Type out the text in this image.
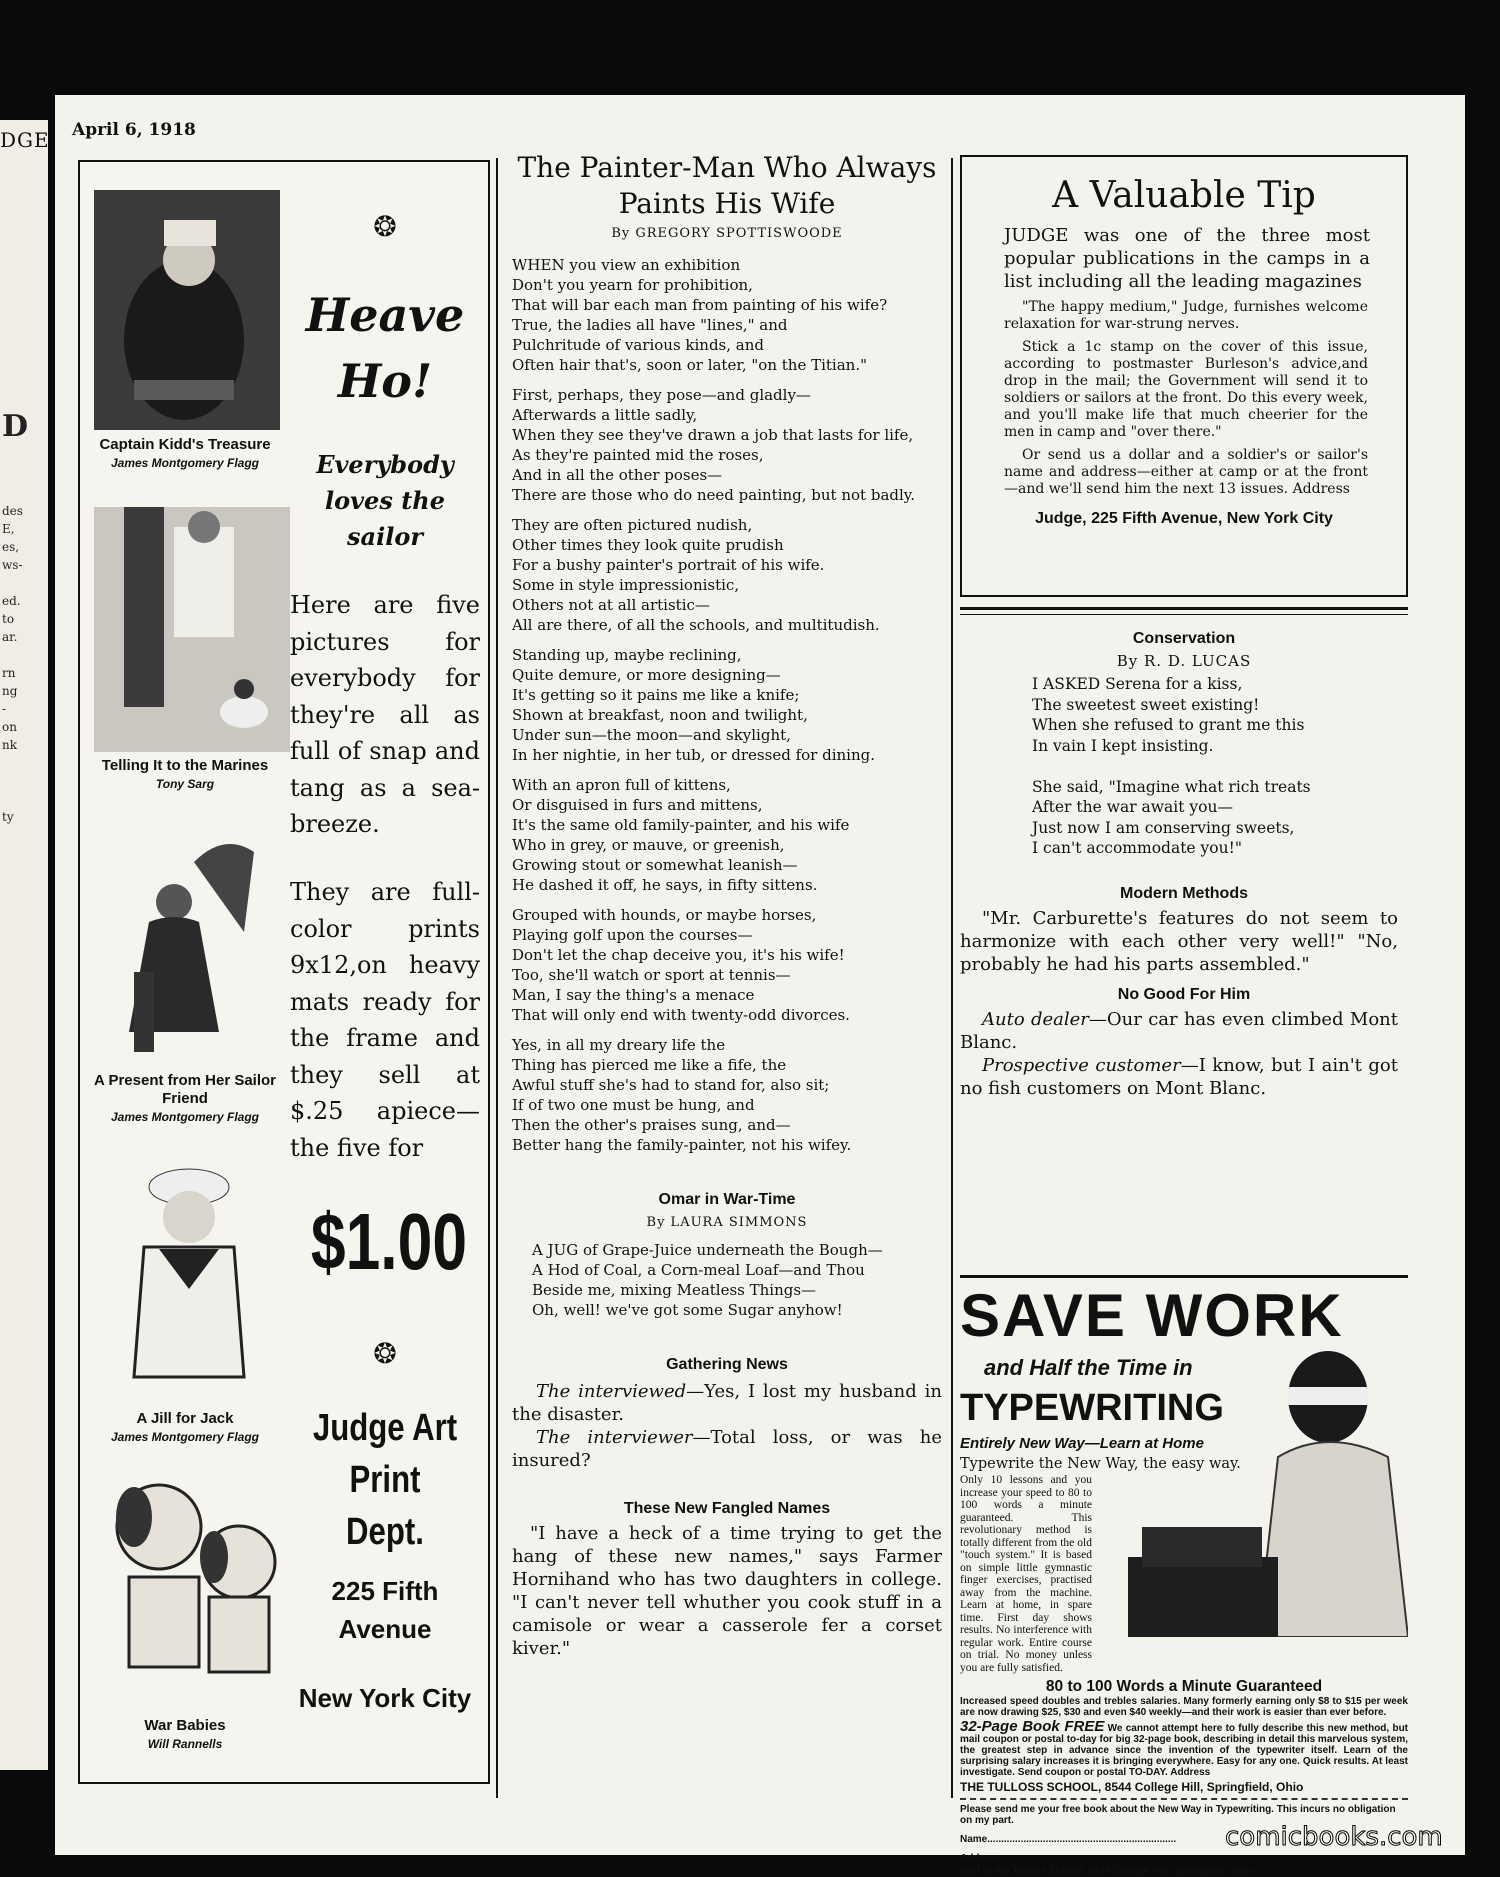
D
des
E,
es,
ws-
ed.
to
ar.
rn
ng
-
on
nk
ty
DGE April 6, 1918
Captain Kidd's Treasure
James Montgomery Flagg
Telling It to the Marines
Tony Sarg
A Present from Her Sailor Friend
James Montgomery Flagg
A Jill for Jack
James Montgomery Flagg
War Babies
Will Rannells
❂
Heave Ho!
Everybody loves the sailor
Here are five pictures for everybody for they're all as full of snap and tang as a sea-breeze.
They are full-color prints 9x12,on heavy mats ready for the frame and they sell at $.25 apiece—the five for
$1.00
❂
Judge Art Print Dept.
225 Fifth Avenue
New York City
The Painter-Man Who Always Paints His Wife
By GREGORY SPOTTISWOODE
WHEN you view an exhibition
Don't you yearn for prohibition,
That will bar each man from painting of his wife?
True, the ladies all have "lines," and
Pulchritude of various kinds, and
Often hair that's, soon or later, "on the Titian."
First, perhaps, they pose—and gladly—
Afterwards a little sadly,
When they see they've drawn a job that lasts for life,
As they're painted mid the roses,
And in all the other poses—
There are those who do need painting, but not badly.
They are often pictured nudish,
Other times they look quite prudish
For a bushy painter's portrait of his wife.
Some in style impressionistic,
Others not at all artistic—
All are there, of all the schools, and multitudish.
Standing up, maybe reclining,
Quite demure, or more designing—
It's getting so it pains me like a knife;
Shown at breakfast, noon and twilight,
Under sun—the moon—and skylight,
In her nightie, in her tub, or dressed for dining.
With an apron full of kittens,
Or disguised in furs and mittens,
It's the same old family-painter, and his wife
Who in grey, or mauve, or greenish,
Growing stout or somewhat leanish—
He dashed it off, he says, in fifty sittens.
Grouped with hounds, or maybe horses,
Playing golf upon the courses—
Don't let the chap deceive you, it's his wife!
Too, she'll watch or sport at tennis—
Man, I say the thing's a menace
That will only end with twenty-odd divorces.
Yes, in all my dreary life the
Thing has pierced me like a fife, the
Awful stuff she's had to stand for, also sit;
If of two one must be hung, and
Then the other's praises sung, and—
Better hang the family-painter, not his wifey.
Omar in War-Time
By LAURA SIMMONS
A JUG of Grape-Juice underneath the Bough—
A Hod of Coal, a Corn-meal Loaf—and Thou
Beside me, mixing Meatless Things—
Oh, well! we've got some Sugar anyhow!
Gathering News
The interviewed—Yes, I lost my husband in the disaster.
The interviewer—Total loss, or was he insured?
These New Fangled Names
"I have a heck of a time trying to get the hang of these new names," says Farmer Hornihand who has two daughters in college. "I can't never tell whuther you cook stuff in a camisole or wear a casserole fer a corset kiver."
A Valuable Tip
JUDGE was one of the three most popular publications in the camps in a list including all the leading magazines
"The happy medium," Judge, furnishes welcome relaxation for war-strung nerves.
Stick a 1c stamp on the cover of this issue, according to postmaster Burleson's advice,and drop in the mail; the Government will send it to soldiers or sailors at the front. Do this every week, and you'll make life that much cheerier for the men in camp and "over there."
Or send us a dollar and a soldier's or sailor's name and address—either at camp or at the front—and we'll send him the next 13 issues. Address
Judge, 225 Fifth Avenue, New York City
Conservation
By R. D. LUCAS
I ASKED Serena for a kiss,
The sweetest sweet existing!
When she refused to grant me this
In vain I kept insisting.

She said, "Imagine what rich treats
After the war await you—
Just now I am conserving sweets,
I can't accommodate you!"
Modern Methods
"Mr. Carburette's features do not seem to harmonize with each other very well!" "No, probably he had his parts assembled."
No Good For Him
Auto dealer—Our car has even climbed Mont Blanc.
Prospective customer—I know, but I ain't got no fish customers on Mont Blanc.
SAVE WORK
and Half the Time in
TYPEWRITING
Entirely New Way—Learn at Home
Typewrite the New Way, the easy way.
Only 10 lessons and you increase your speed to 80 to 100 words a minute guaranteed. This revolutionary method is totally different from the old "touch system." It is based on simple little gymnastic finger exercises, practised away from the machine. Learn at home, in spare time. First day shows results. No interference with regular work. Entire course on trial. No money unless you are fully satisfied.
80 to 100 Words a Minute Guaranteed
Increased speed doubles and trebles salaries. Many formerly earning only $8 to $15 per week are now drawing $25, $30 and even $40 weekly—and their work is easier than ever before.
32-Page Book FREE We cannot attempt here to fully describe this new method, but mail coupon or postal to-day for big 32-page book, describing in detail this marvelous system, the greatest step in advance since the invention of the typewriter itself. Learn of the surprising salary increases it is bringing everywhere. Easy for any one. Quick results. At least investigate. Send coupon or postal TO-DAY. Address
THE TULLOSS SCHOOL, 8544 College Hill, Springfield, Ohio
Please send me your free book about the New Way in Typewriting. This incurs no obligation on my part.
Name....................................................................
Address..............................................................
Mail to the Tulloss School, 8544 College Hill, Springfield, Ohio
comicbooks.com
